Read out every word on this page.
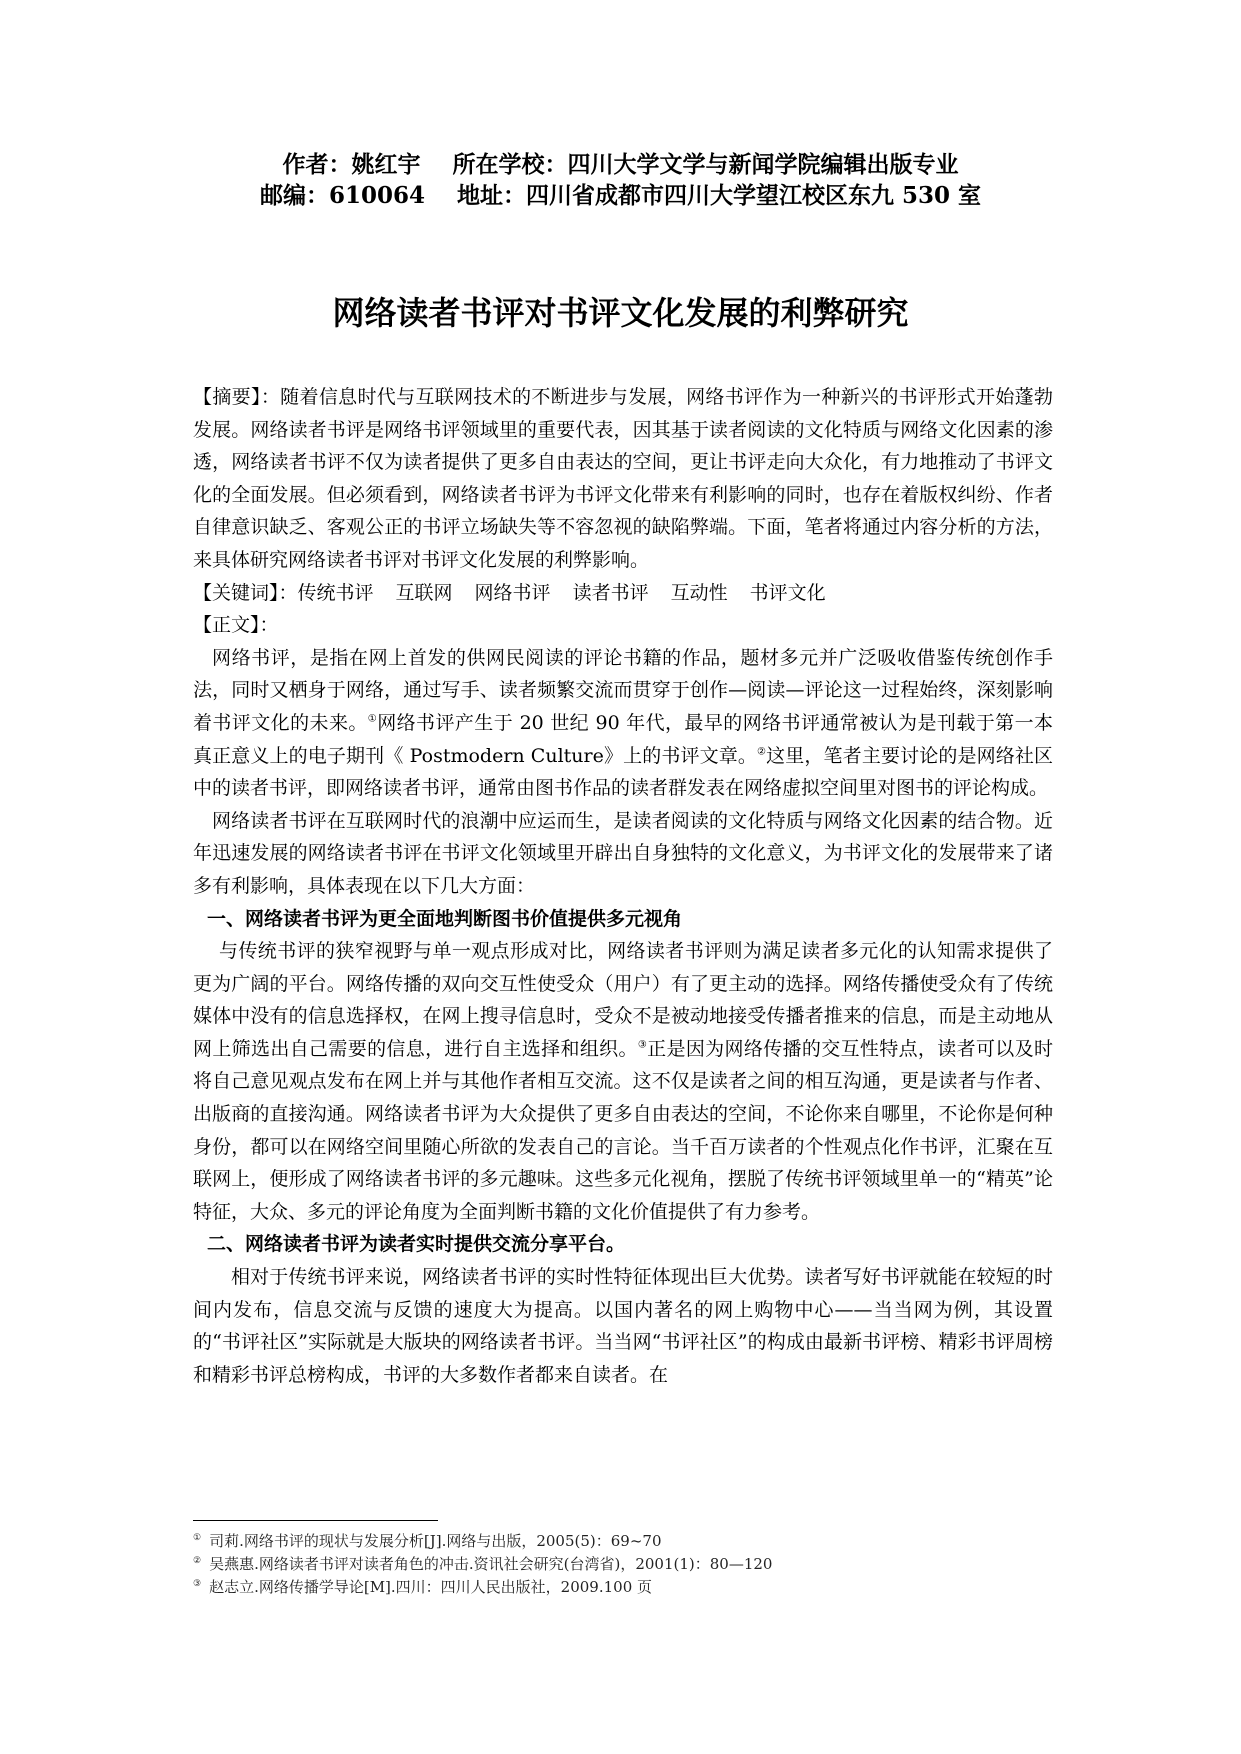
作者：姚红宇    所在学校：四川大学文学与新闻学院编辑出版专业
邮编：610064    地址：四川省成都市四川大学望江校区东九 530 室
网络读者书评对书评文化发展的利弊研究

【摘要】：随着信息时代与互联网技术的不断进步与发展，网络书评作为一种新兴的书评形式开始蓬勃发展。网络读者书评是网络书评领域里的重要代表，因其基于读者阅读的文化特质与网络文化因素的渗透，网络读者书评不仅为读者提供了更多自由表达的空间，更让书评走向大众化，有力地推动了书评文化的全面发展。但必须看到，网络读者书评为书评文化带来有利影响的同时，也存在着版权纠纷、作者自律意识缺乏、客观公正的书评立场缺失等不容忽视的缺陷弊端。下面，笔者将通过内容分析的方法，来具体研究网络读者书评对书评文化发展的利弊影响。

【关键词】：传统书评 互联网 网络书评 读者书评 互动性 书评文化

【正文】：

网络书评，是指在网上首发的供网民阅读的评论书籍的作品，题材多元并广泛吸收借鉴传统创作手法，同时又栖身于网络，通过写手、读者频繁交流而贯穿于创作—阅读—评论这一过程始终，深刻影响着书评文化的未来。①网络书评产生于 20 世纪 90 年代，最早的网络书评通常被认为是刊载于第一本真正意义上的电子期刊《 Postmodern Culture》上的书评文章。②这里，笔者主要讨论的是网络社区中的读者书评，即网络读者书评，通常由图书作品的读者群发表在网络虚拟空间里对图书的评论构成。

网络读者书评在互联网时代的浪潮中应运而生，是读者阅读的文化特质与网络文化因素的结合物。近年迅速发展的网络读者书评在书评文化领域里开辟出自身独特的文化意义，为书评文化的发展带来了诸多有利影响，具体表现在以下几大方面：

一、网络读者书评为更全面地判断图书价值提供多元视角

与传统书评的狭窄视野与单一观点形成对比，网络读者书评则为满足读者多元化的认知需求提供了更为广阔的平台。网络传播的双向交互性使受众（用户）有了更主动的选择。网络传播使受众有了传统媒体中没有的信息选择权，在网上搜寻信息时，受众不是被动地接受传播者推来的信息，而是主动地从网上筛选出自己需要的信息，进行自主选择和组织。③正是因为网络传播的交互性特点，读者可以及时将自己意见观点发布在网上并与其他作者相互交流。这不仅是读者之间的相互沟通，更是读者与作者、出版商的直接沟通。网络读者书评为大众提供了更多自由表达的空间，不论你来自哪里，不论你是何种身份，都可以在网络空间里随心所欲的发表自己的言论。当千百万读者的个性观点化作书评，汇聚在互联网上，便形成了网络读者书评的多元趣味。这些多元化视角，摆脱了传统书评领域里单一的“精英”论特征，大众、多元的评论角度为全面判断书籍的文化价值提供了有力参考。

二、网络读者书评为读者实时提供交流分享平台。

相对于传统书评来说，网络读者书评的实时性特征体现出巨大优势。读者写好书评就能在较短的时间内发布，信息交流与反馈的速度大为提高。以国内著名的网上购物中心——当当网为例，其设置的“书评社区”实际就是大版块的网络读者书评。当当网“书评社区”的构成由最新书评榜、精彩书评周榜和精彩书评总榜构成，书评的大多数作者都来自读者。在

① 司莉.网络书评的现状与发展分析[J].网络与出版，2005(5)：69~70
② 吴燕惠.网络读者书评对读者角色的冲击.资讯社会研究(台湾省)，2001(1)：80—120
③ 赵志立.网络传播学导论[M].四川：四川人民出版社，2009.100 页
